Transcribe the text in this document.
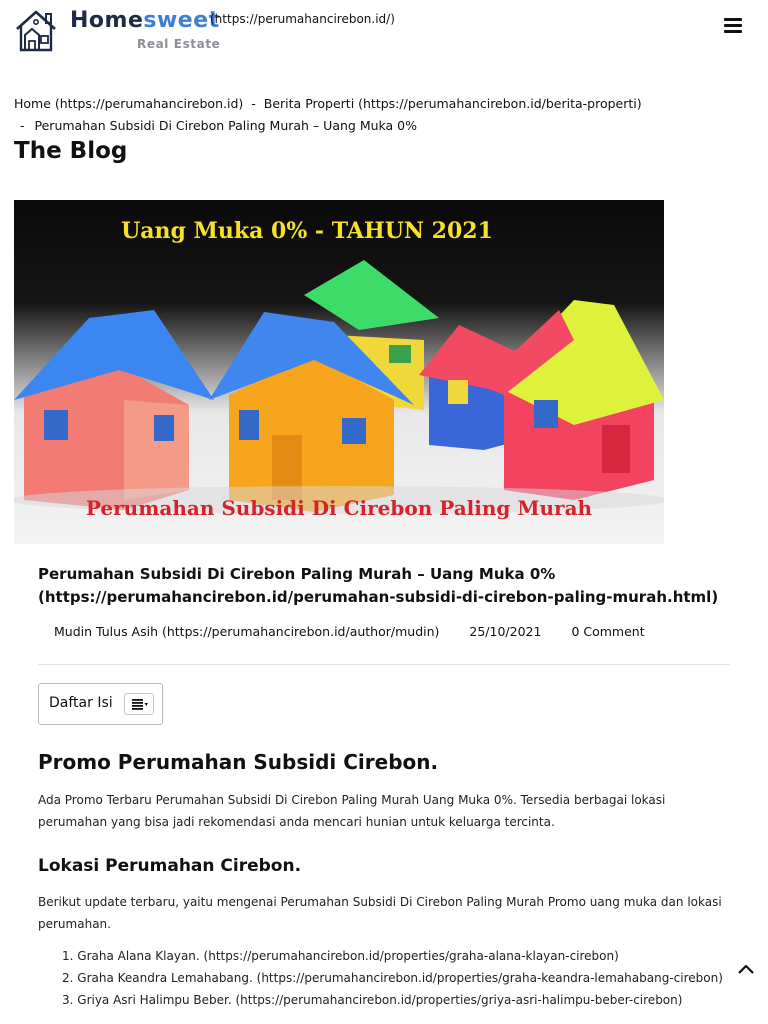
Homesweet
(https://perumahancirebon.id/)
Real Estate
Home (https://perumahancirebon.id) - Berita Properti (https://perumahancirebon.id/berita-properti)
- Perumahan Subsidi Di Cirebon Paling Murah – Uang Muka 0%
The Blog
Uang Muka 0% - TAHUN 2021
Perumahan Subsidi Di Cirebon Paling Murah
Perumahan Subsidi Di Cirebon Paling Murah – Uang Muka 0% (https://perumahancirebon.id/perumahan-subsidi-di-cirebon-paling-murah.html)
Mudin Tulus Asih (https://perumahancirebon.id/author/mudin) 25/10/2021 0 Comment
Daftar Isi
Promo Perumahan Subsidi Cirebon.

Ada Promo Terbaru Perumahan Subsidi Di Cirebon Paling Murah Uang Muka 0%. Tersedia berbagai lokasi perumahan yang bisa jadi rekomendasi anda mencari hunian untuk keluarga tercinta.

Lokasi Perumahan Cirebon.

Berikut update terbaru, yaitu mengenai Perumahan Subsidi Di Cirebon Paling Murah Promo uang muka dan lokasi perumahan.

1. Graha Alana Klayan. (https://perumahancirebon.id/properties/graha-alana-klayan-cirebon)
2. Graha Keandra Lemahabang. (https://perumahancirebon.id/properties/graha-keandra-lemahabang-cirebon)
3. Griya Asri Halimpu Beber. (https://perumahancirebon.id/properties/griya-asri-halimpu-beber-cirebon)
